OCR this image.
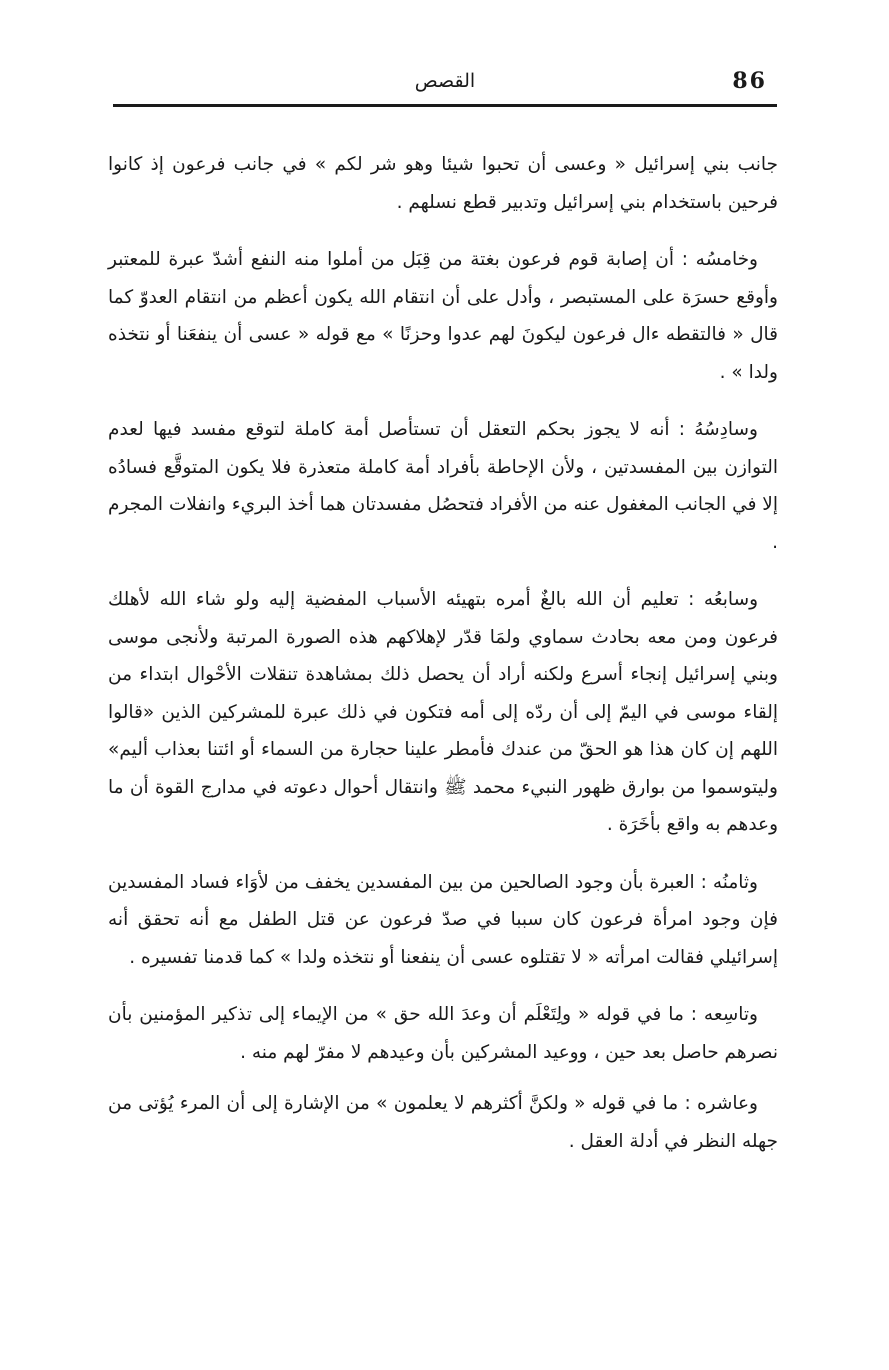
86
القصص

جانب بني إسرائيل « وعسى أن تحبوا شيئا وهو شر لكم » في جانب فرعون إذ كانوا فرحين باستخدام بني إسرائيل وتدبير قطع نسلهم .

وخامسُه : أن إصابة قوم فرعون بغتة من قِبَل من أملوا منه النفع أشدّ عبرة للمعتبر وأوقع حسرَة على المستبصر ، وأدل على أن انتقام الله يكون أعظم من انتقام العدوّ كما قال « فالتقطه ءال فرعون ليكونَ لهم عدوا وحزنًا » مع قوله « عسى أن ينفعَنا أو نتخذه ولدا » .

وسادِسُهُ : أنه لا يجوز بحكم التعقل أن تستأصل أمة كاملة لتوقع مفسد فيها لعدم التوازن بين المفسدتين ، ولأن الإحاطة بأفراد أمة كاملة متعذرة فلا يكون المتوقَّع فسادُه إلا في الجانب المغفول عنه من الأفراد فتحصُل مفسدتان هما أخذ البريء وانفلات المجرم .

وسابعُه : تعليم أن الله بالغٌ أمره بتهيئه الأسباب المفضية إليه ولو شاء الله لأهلك فرعون ومن معه بحادث سماوي ولمَا قدّر لإهلاكهم هذه الصورة المرتبة ولأنجى موسى وبني إسرائيل إنجاء أسرع ولكنه أراد أن يحصل ذلك بمشاهدة تنقلات الأحْوال ابتداء من إلقاء موسى في اليمّ إلى أن ردّه إلى أمه فتكون في ذلك عبرة للمشركين الذين «قالوا اللهم إن كان هذا هو الحقّ من عندك فأمطر علينا حجارة من السماء أو ائتنا بعذاب أليم» وليتوسموا من بوارق ظهور النبيء محمد ﷺ وانتقال أحوال دعوته في مدارج القوة أن ما وعدهم به واقع بأخَرَة .

وثامنُه : العبرة بأن وجود الصالحين من بين المفسدين يخفف من لأوَاء فساد المفسدين فإن وجود امرأة فرعون كان سببا في صدّ فرعون عن قتل الطفل مع أنه تحقق أنه إسرائيلي فقالت امرأته « لا تقتلوه عسى أن ينفعنا أو نتخذه ولدا » كما قدمنا تفسيره .

وتاسِعه : ما في قوله « ولِتَعْلَم أن وعدَ الله حق » من الإيماء إلى تذكير المؤمنين بأن نصرهم حاصل بعد حين ، ووعيد المشركين بأن وعيدهم لا مفرّ لهم منه .

وعاشره : ما في قوله « ولكنَّ أكثرهم لا يعلمون » من الإشارة إلى أن المرء يُؤتى من جهله النظر في أدلة العقل .
